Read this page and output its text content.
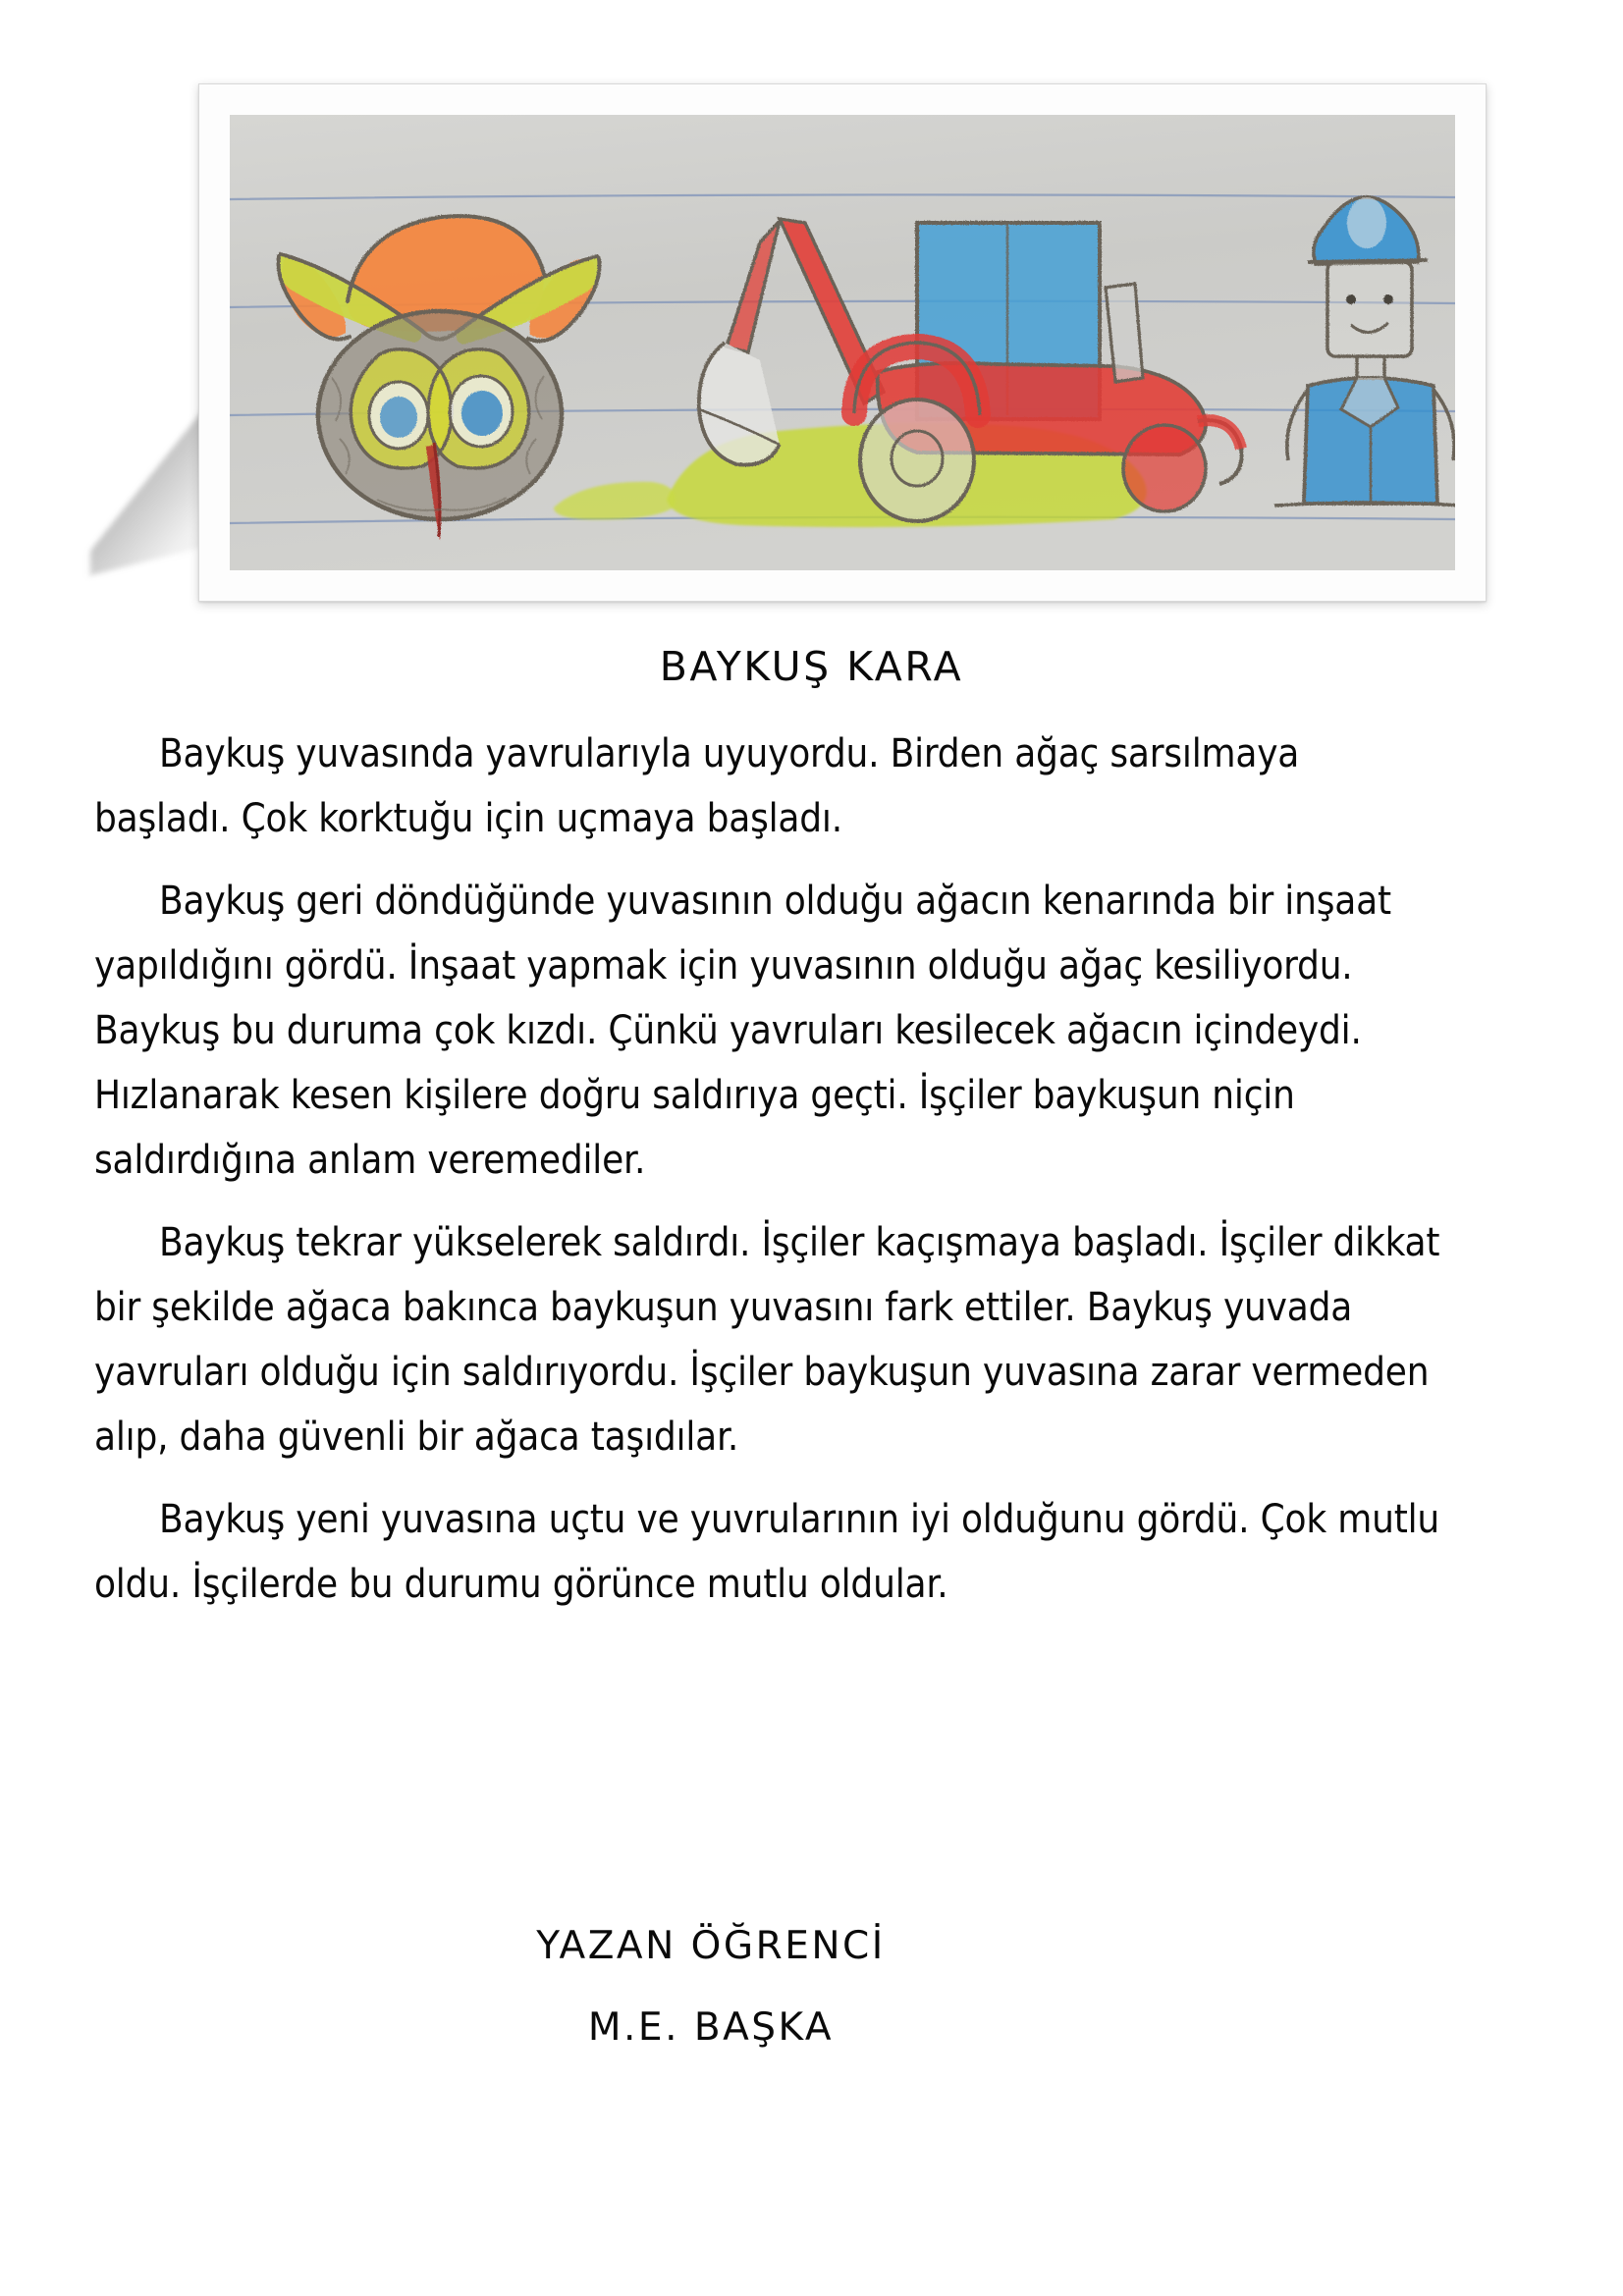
BAYKUŞ KARA

Baykuş yuvasında yavrularıyla uyuyordu. Birden ağaç sarsılmaya başladı. Çok korktuğu için uçmaya başladı.

Baykuş geri döndüğünde yuvasının olduğu ağacın kenarında bir inşaat yapıldığını gördü. İnşaat yapmak için yuvasının olduğu ağaç kesiliyordu. Baykuş bu duruma çok kızdı. Çünkü yavruları kesilecek ağacın içindeydi. Hızlanarak kesen kişilere doğru saldırıya geçti. İşçiler baykuşun niçin saldırdığına anlam veremediler.

Baykuş tekrar yükselerek saldırdı. İşçiler kaçışmaya başladı. İşçiler dikkat bir şekilde ağaca bakınca baykuşun yuvasını fark ettiler. Baykuş yuvada yavruları olduğu için saldırıyordu. İşçiler baykuşun yuvasına zarar vermeden alıp, daha güvenli bir ağaca taşıdılar.

Baykuş yeni yuvasına uçtu ve yuvrularının iyi olduğunu gördü. Çok mutlu oldu. İşçilerde bu durumu görünce mutlu oldular.

YAZAN ÖĞRENCİ
M.E. BAŞKA
